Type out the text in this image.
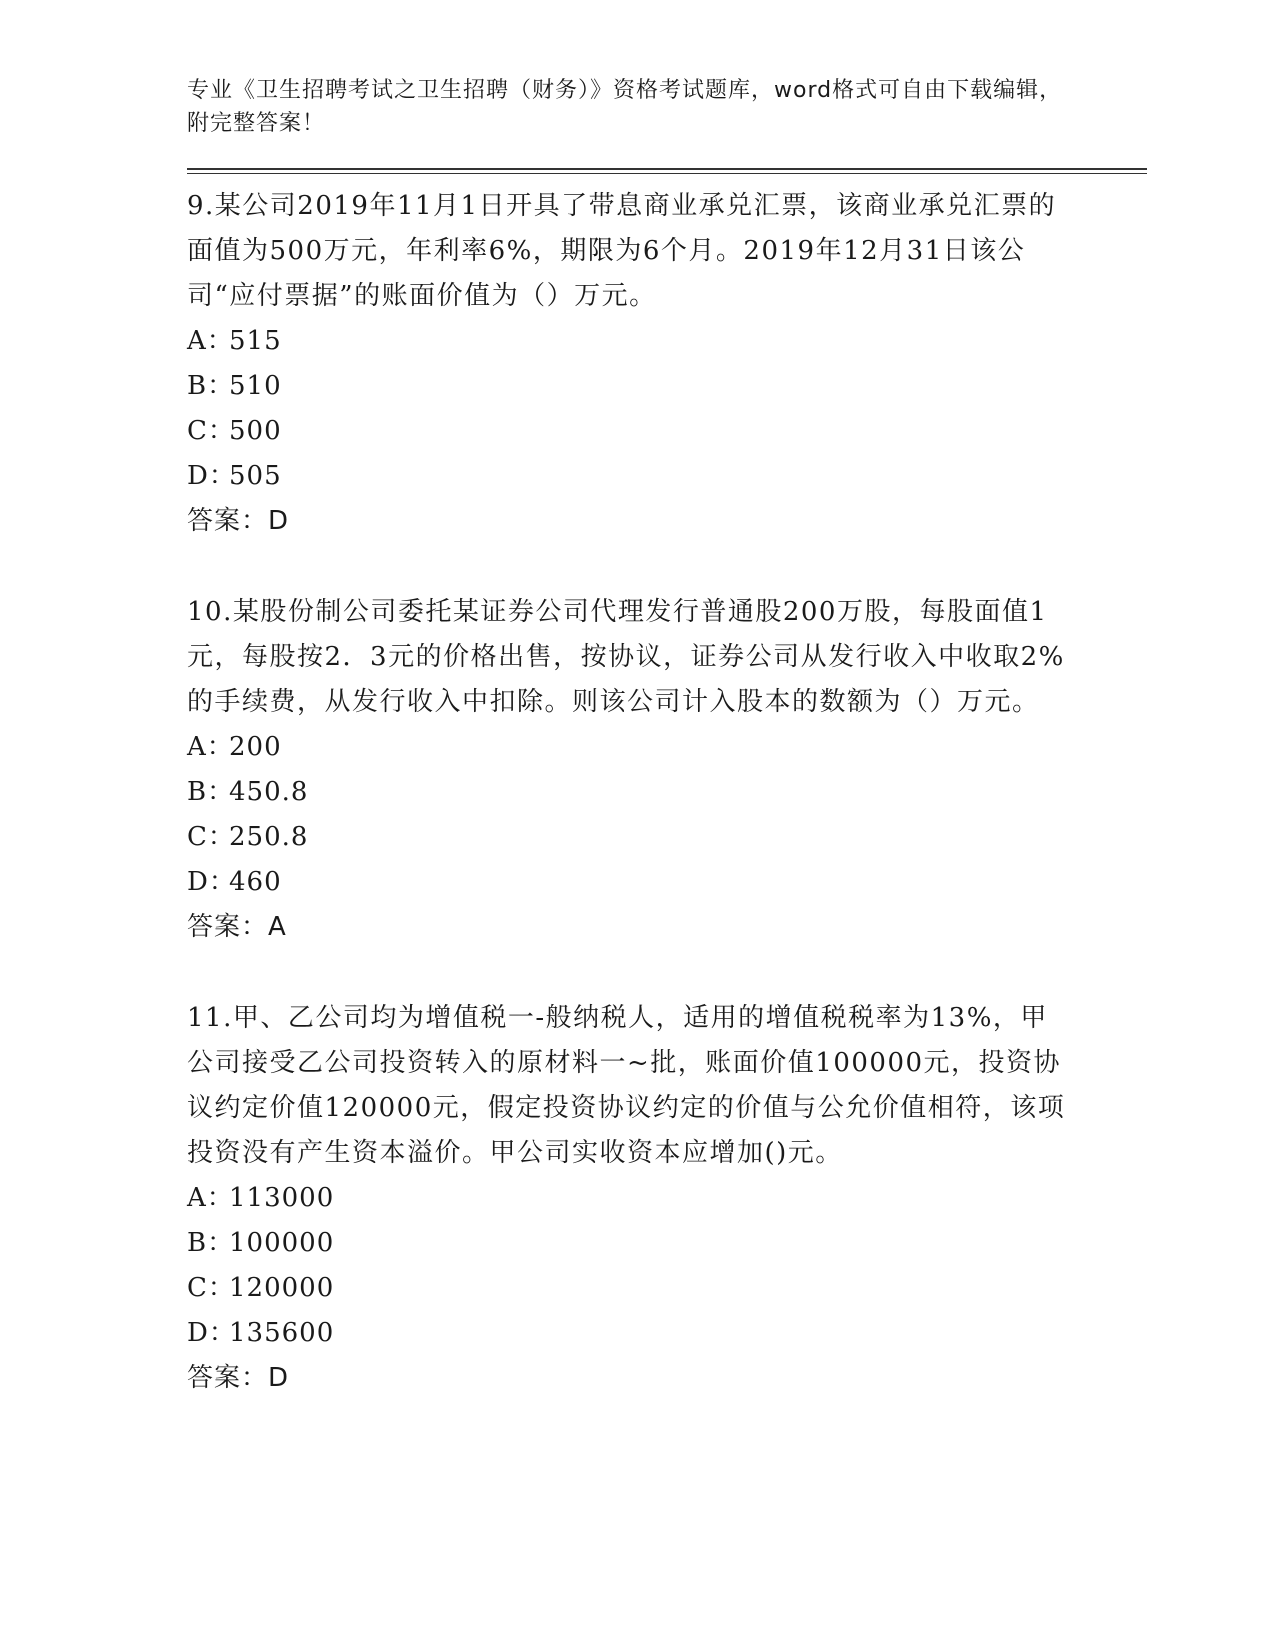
专业《卫生招聘考试之卫生招聘（财务）》资格考试题库，word格式可自由下载编辑，附完整答案！

9.某公司2019年11月1日开具了带息商业承兑汇票，该商业承兑汇票的面值为500万元，年利率6%，期限为6个月。2019年12月31日该公司“应付票据”的账面价值为（）万元。

A：515

B：510

C：500

D：505

答案：D

10.某股份制公司委托某证券公司代理发行普通股200万股，每股面值1元，每股按2．3元的价格出售，按协议，证券公司从发行收入中收取2%的手续费，从发行收入中扣除。则该公司计入股本的数额为（）万元。

A：200

B：450.8

C：250.8

D：460

答案：A

11.甲、乙公司均为增值税一-般纳税人，适用的增值税税率为13%，甲公司接受乙公司投资转入的原材料一~批，账面价值100000元，投资协议约定价值120000元，假定投资协议约定的价值与公允价值相符，该项投资没有产生资本溢价。甲公司实收资本应增加()元。

A：113000

B：100000

C：120000

D：135600

答案：D
